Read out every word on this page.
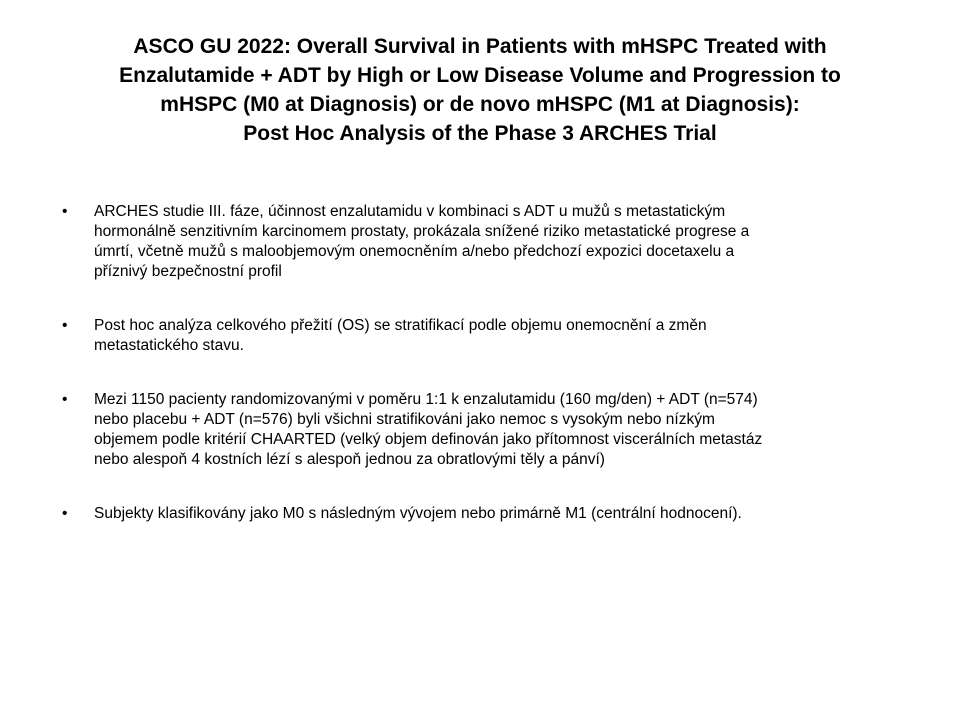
ASCO GU 2022: Overall Survival in Patients with mHSPC Treated with
Enzalutamide + ADT by High or Low Disease Volume and Progression to
mHSPC (M0 at Diagnosis) or de novo mHSPC (M1 at Diagnosis):
Post Hoc Analysis of the Phase 3 ARCHES Trial
•	ARCHES studie III. fáze, účinnost enzalutamidu v kombinaci s ADT u mužů s metastatickým
hormonálně senzitivním karcinomem prostaty, prokázala snížené riziko metastatické progrese a
úmrtí, včetně mužů s maloobjemovým onemocněním a/nebo předchozí expozici docetaxelu a
příznivý bezpečnostní profil
•	Post hoc analýza celkového přežití (OS) se stratifikací podle objemu onemocnění a změn
metastatického stavu.
•	Mezi 1150 pacienty randomizovanými v poměru 1:1 k enzalutamidu (160 mg/den) + ADT (n=574)
nebo placebu + ADT (n=576) byli všichni stratifikováni jako nemoc s vysokým nebo nízkým
objemem podle kritérií CHAARTED (velký objem definován jako přítomnost viscerálních metastáz
nebo alespoň 4 kostních lézí s alespoň jednou za obratlovými těly a pánví)
•	Subjekty klasifikovány jako M0 s následným vývojem nebo primárně M1 (centrální hodnocení).
